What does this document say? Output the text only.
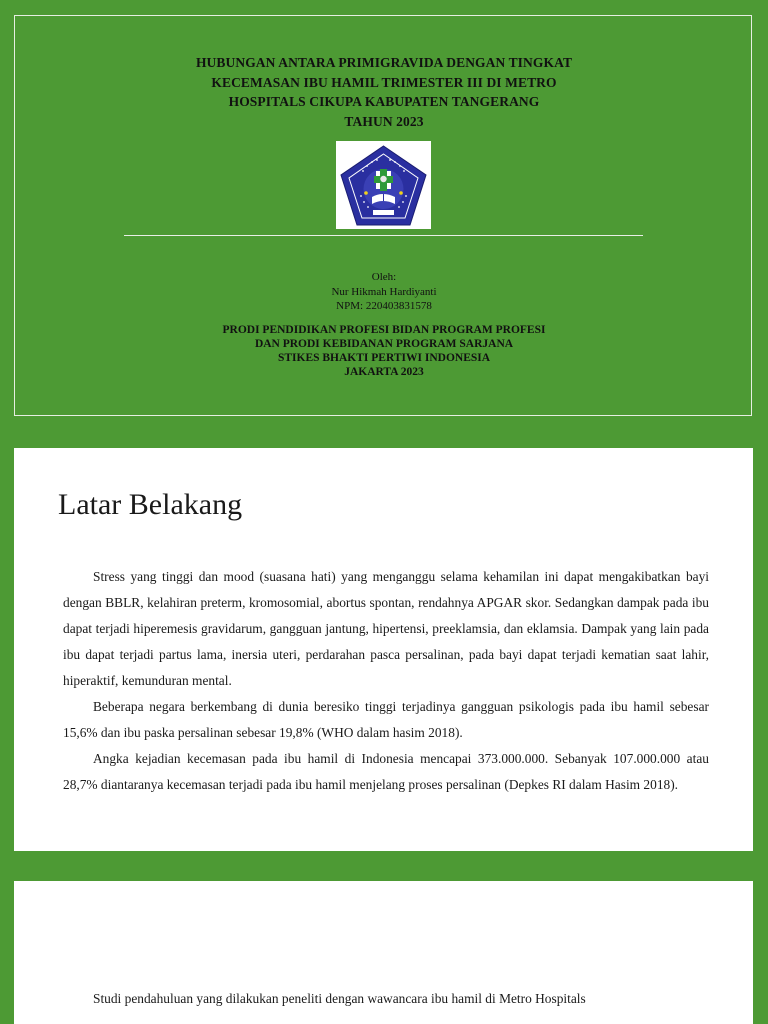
HUBUNGAN ANTARA PRIMIGRAVIDA DENGAN TINGKAT
KECEMASAN IBU HAMIL TRIMESTER III DI METRO
HOSPITALS CIKUPA KABUPATEN TANGERANG
TAHUN 2023
Oleh:
Nur Hikmah Hardiyanti
NPM: 220403831578
PRODI PENDIDIKAN PROFESI BIDAN PROGRAM PROFESI
DAN PRODI KEBIDANAN PROGRAM SARJANA
STIKES BHAKTI PERTIWI INDONESIA
JAKARTA 2023
Latar Belakang

Stress yang tinggi dan mood (suasana hati) yang menganggu selama kehamilan ini dapat mengakibatkan bayi dengan BBLR, kelahiran preterm, kromosomial, abortus spontan, rendahnya APGAR skor. Sedangkan dampak pada ibu dapat terjadi hiperemesis gravidarum, gangguan jantung, hipertensi, preeklamsia, dan eklamsia. Dampak yang lain pada ibu dapat terjadi partus lama, inersia uteri, perdarahan pasca persalinan, pada bayi dapat terjadi kematian saat lahir, hiperaktif, kemunduran mental.

Beberapa negara berkembang di dunia beresiko tinggi terjadinya gangguan psikologis pada ibu hamil sebesar 15,6% dan ibu paska persalinan sebesar 19,8% (WHO dalam hasim 2018).

Angka kejadian kecemasan pada ibu hamil di Indonesia mencapai 373.000.000. Sebanyak 107.000.000 atau 28,7% diantaranya kecemasan terjadi pada ibu hamil menjelang proses persalinan (Depkes RI dalam Hasim 2018).

Studi pendahuluan yang dilakukan peneliti dengan wawancara ibu hamil di Metro Hospitals
